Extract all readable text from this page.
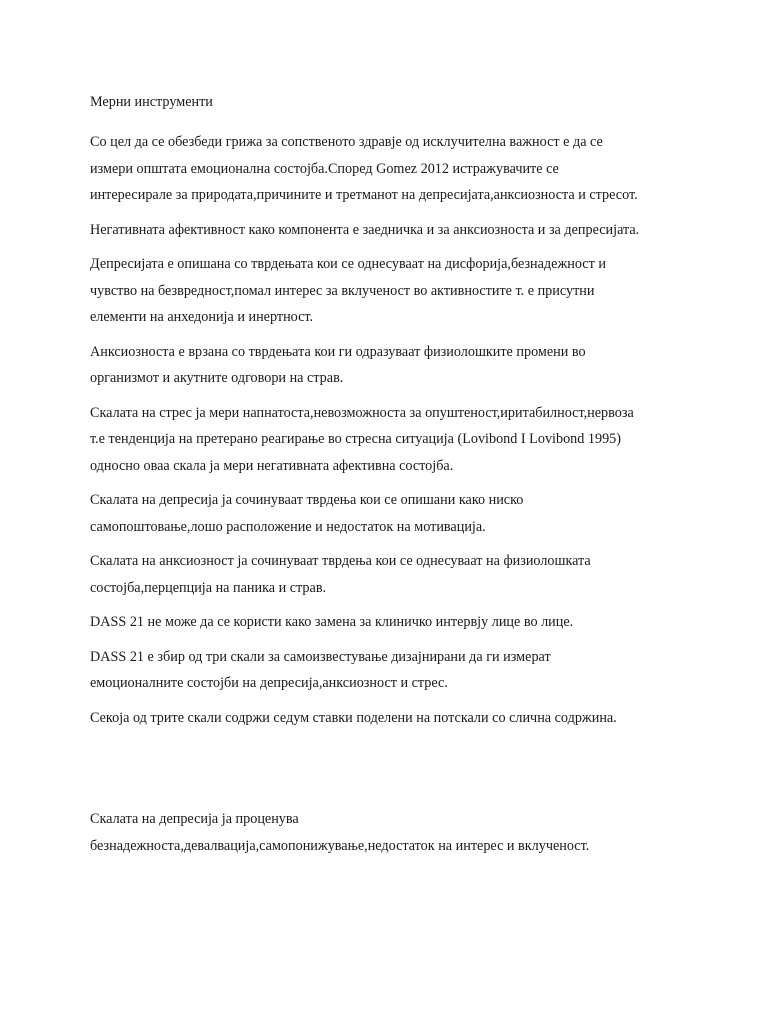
Мерни инструменти

Со цел да се обезбеди грижа за сопственото здравје од исклучителна важност е да се
измери општата емоционална состојба.Според Gomez 2012 истражувачите се
интересирале за природата,причините и третманот на депресијата,анксиозноста и стресот.

Негативната афективност како компонента е заедничка и за анксиозноста и за депресијата.

Депресијата е опишана со тврдењата кои се однесуваат на дисфорија,безнадежност и
чувство на безвредност,помал интерес за вклученост во активностите т. е присутни
елементи на анхедонија и инертност.

Анксиозноста е врзана со тврдењата кои ги одразуваат физиолошките промени во
организмот и акутните одговори на страв.

Скалата на стрес ја мери напнатоста,невозможноста за опуштеност,иритабилност,нервоза
т.е тенденција на претерано реагирање во стресна ситуација (Lovibond I Lovibond 1995)
односно оваа скала ја мери негативната афективна состојба.

Скалата на депресија ја сочинуваат тврдења кои се опишани како ниско
самопоштовање,лошо расположение и недостаток на мотивација.

Скалата на анксиозност ја сочинуваат тврдења кои се однесуваат на физиолошката
состојба,перцепција на паника и страв.

DASS 21 не може да се користи како замена за клиничко интервју лице во лице.

DASS 21 е збир од три скали за самоизвестување дизајнирани да ги измерат
емоционалните состојби на депресија,анксиозност и стрес.

Секоја од трите скали содржи седум ставки поделени на потскали со слична содржина.

Скалата на депресија ја проценува
безнадежноста,девалвација,самопонижување,недостаток на интерес и вклученост.
